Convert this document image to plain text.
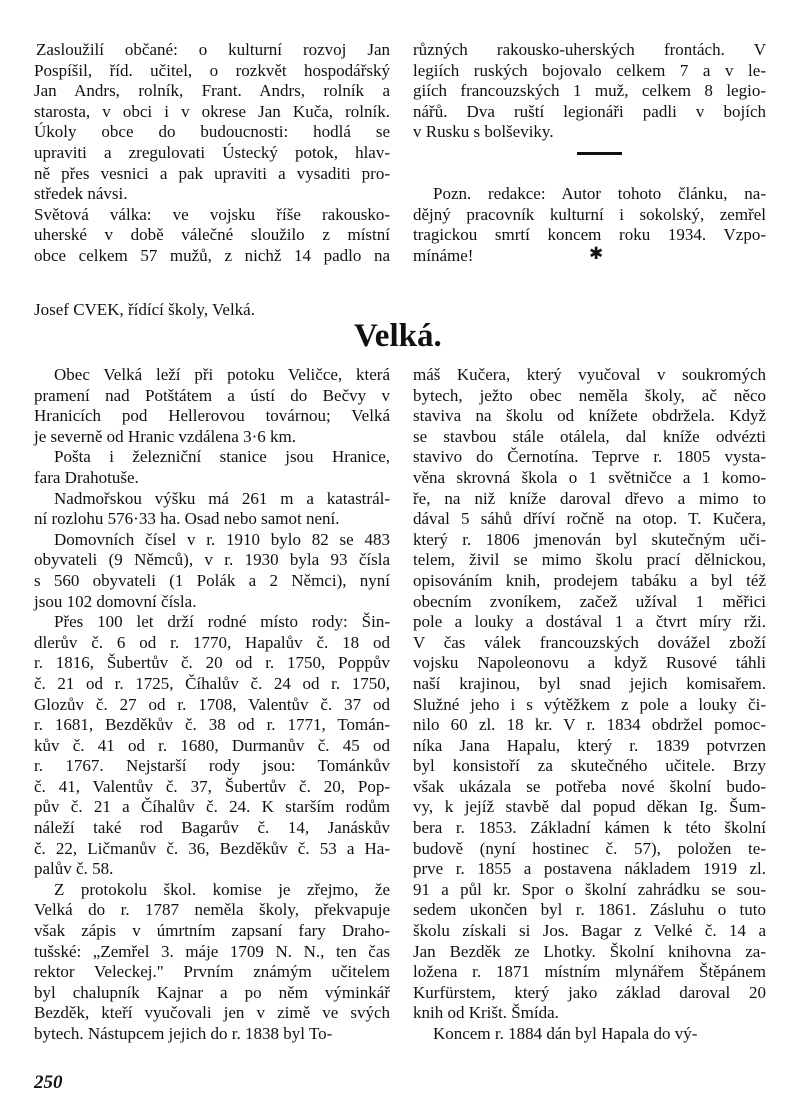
Zasloužilí občané: o kulturní rozvoj Jan
Pospíšil, říd. učitel, o rozkvět hospodářský
Jan Andrs, rolník, Frant. Andrs, rolník a
starosta, v obci i v okrese Jan Kuča, rolník.
Úkoly obce do budoucnosti: hodlá se
upraviti a zregulovati Ústecký potok, hlav-
ně přes vesnici a pak upraviti a vysaditi pro-
středek návsi.
Světová válka: ve vojsku říše rakousko-
uherské v době válečné sloužilo z místní
obce celkem 57 mužů, z nichž 14 padlo na
různých rakousko-uherských frontách. V
legiích ruských bojovalo celkem 7 a v le-
giích francouzských 1 muž, celkem 8 legio-
nářů. Dva ruští legionáři padli v bojích
v Rusku s bolševiky.
Pozn. redakce: Autor tohoto článku, na-
dějný pracovník kulturní i sokolský, zemřel
tragickou smrtí koncem roku 1934. Vzpo-
mínáme!	✱
Josef CVEK, řídící školy, Velká.
Velká.
Obec Velká leží při potoku Veličce, která
pramení nad Potštátem a ústí do Bečvy v
Hranicích pod Hellerovou továrnou; Velká
je severně od Hranic vzdálena 3·6 km.
Pošta i železniční stanice jsou Hranice,
fara Drahotuše.
Nadmořskou výšku má 261 m a katastrál-
ní rozlohu 576·33 ha. Osad nebo samot není.
Domovních čísel v r. 1910 bylo 82 se 483
obyvateli (9 Němců), v r. 1930 byla 93 čísla
s 560 obyvateli (1 Polák a 2 Němci), nyní
jsou 102 domovní čísla.
Přes 100 let drží rodné místo rody: Šin-
dlerův č. 6 od r. 1770, Hapalův č. 18 od
r. 1816, Šubertův č. 20 od r. 1750, Poppův
č. 21 od r. 1725, Číhalův č. 24 od r. 1750,
Glozův č. 27 od r. 1708, Valentův č. 37 od
r. 1681, Bezděkův č. 38 od r. 1771, Tomán-
kův č. 41 od r. 1680, Durmanův č. 45 od
r. 1767. Nejstarší rody jsou: Tománkův
č. 41, Valentův č. 37, Šubertův č. 20, Pop-
pův č. 21 a Číhalův č. 24. K starším rodům
náleží také rod Bagarův č. 14, Janáskův
č. 22, Ličmanův č. 36, Bezděkův č. 53 a Ha-
palův č. 58.
Z protokolu škol. komise je zřejmo, že
Velká do r. 1787 neměla školy, překvapuje
však zápis v úmrtním zapsaní fary Draho-
tušské: „Zemřel 3. máje 1709 N. N., ten čas
rektor Veleckej." Prvním známým učitelem
byl chalupník Kajnar a po něm výminkář
Bezděk, kteří vyučovali jen v zimě ve svých
bytech. Nástupcem jejich do r. 1838 byl To-
máš Kučera, který vyučoval v soukromých
bytech, ježto obec neměla školy, ač něco
staviva na školu od knížete obdržela. Když
se stavbou stále otálela, dal kníže odvézti
stavivo do Černotína. Teprve r. 1805 vysta-
věna skrovná škola o 1 světničce a 1 komo-
ře, na niž kníže daroval dřevo a mimo to
dával 5 sáhů dříví ročně na otop. T. Kučera,
který r. 1806 jmenován byl skutečným uči-
telem, živil se mimo školu prací dělnickou,
opisováním knih, prodejem tabáku a byl též
obecním zvoníkem, začež užíval 1 měřici
pole a louky a dostával 1 a čtvrt míry rži.
V čas válek francouzských dovážel zboží
vojsku Napoleonovu a když Rusové táhli
naší krajinou, byl snad jejich komisařem.
Služné jeho i s výtěžkem z pole a louky či-
nilo 60 zl. 18 kr. V r. 1834 obdržel pomoc-
níka Jana Hapalu, který r. 1839 potvrzen
byl konsistoří za skutečného učitele. Brzy
však ukázala se potřeba nové školní budo-
vy, k jejíž stavbě dal popud děkan Ig. Šum-
bera r. 1853. Základní kámen k této školní
budově (nyní hostinec č. 57), položen te-
prve r. 1855 a postavena nákladem 1919 zl.
91 a půl kr. Spor o školní zahrádku se sou-
sedem ukončen byl r. 1861. Zásluhu o tuto
školu získali si Jos. Bagar z Velké č. 14 a
Jan Bezděk ze Lhotky. Školní knihovna za-
ložena r. 1871 místním mlynářem Štěpánem
Kurfürstem, který jako základ daroval 20
knih od Krišt. Šmída.
Koncem r. 1884 dán byl Hapala do vý-
250
